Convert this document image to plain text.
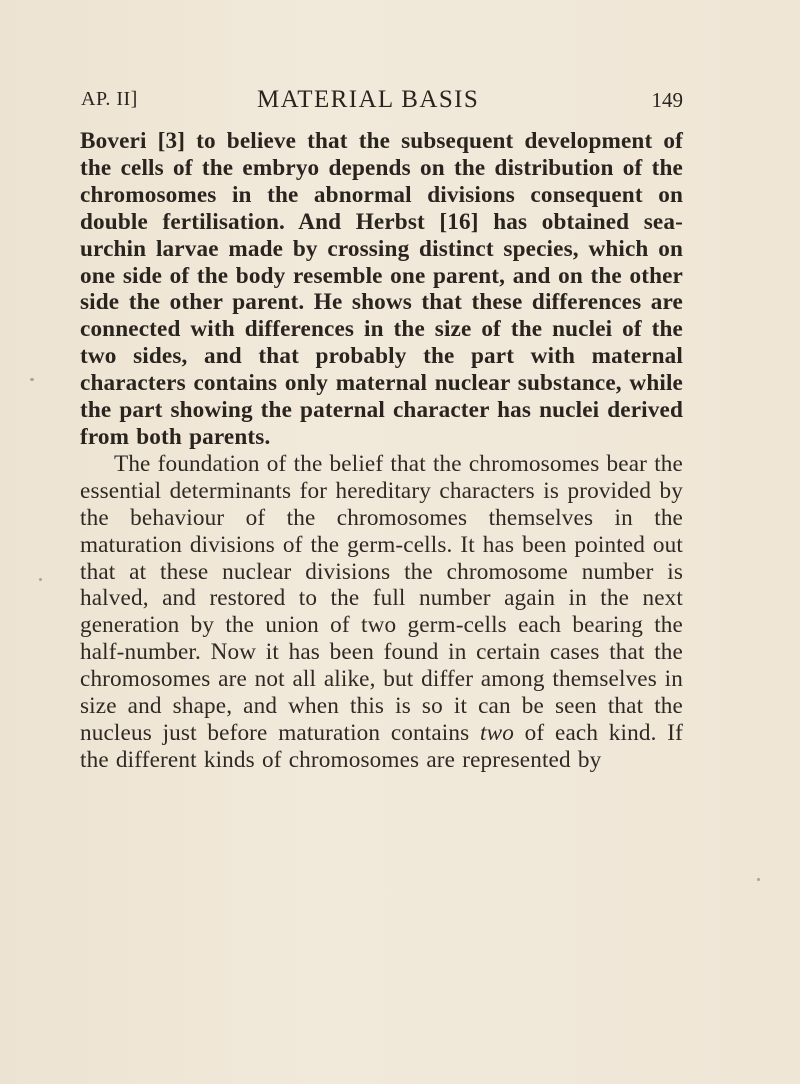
AP. II]	MATERIAL BASIS	149

Boveri [3] to believe that the subsequent development of the cells of the embryo depends on the distribution of the chromosomes in the abnormal divisions consequent on double fertilisation. And Herbst [16] has obtained sea-urchin larvae made by crossing distinct species, which on one side of the body resemble one parent, and on the other side the other parent. He shows that these differences are connected with differences in the size of the nuclei of the two sides, and that probably the part with maternal characters contains only maternal nuclear substance, while the part showing the paternal character has nuclei derived from both parents.

The foundation of the belief that the chromosomes bear the essential determinants for hereditary characters is provided by the behaviour of the chromosomes themselves in the maturation divisions of the germ-cells. It has been pointed out that at these nuclear divisions the chromosome number is halved, and restored to the full number again in the next generation by the union of two germ-cells each bearing the half-number. Now it has been found in certain cases that the chromosomes are not all alike, but differ among themselves in size and shape, and when this is so it can be seen that the nucleus just before maturation contains two of each kind. If the different kinds of chromosomes are represented by
